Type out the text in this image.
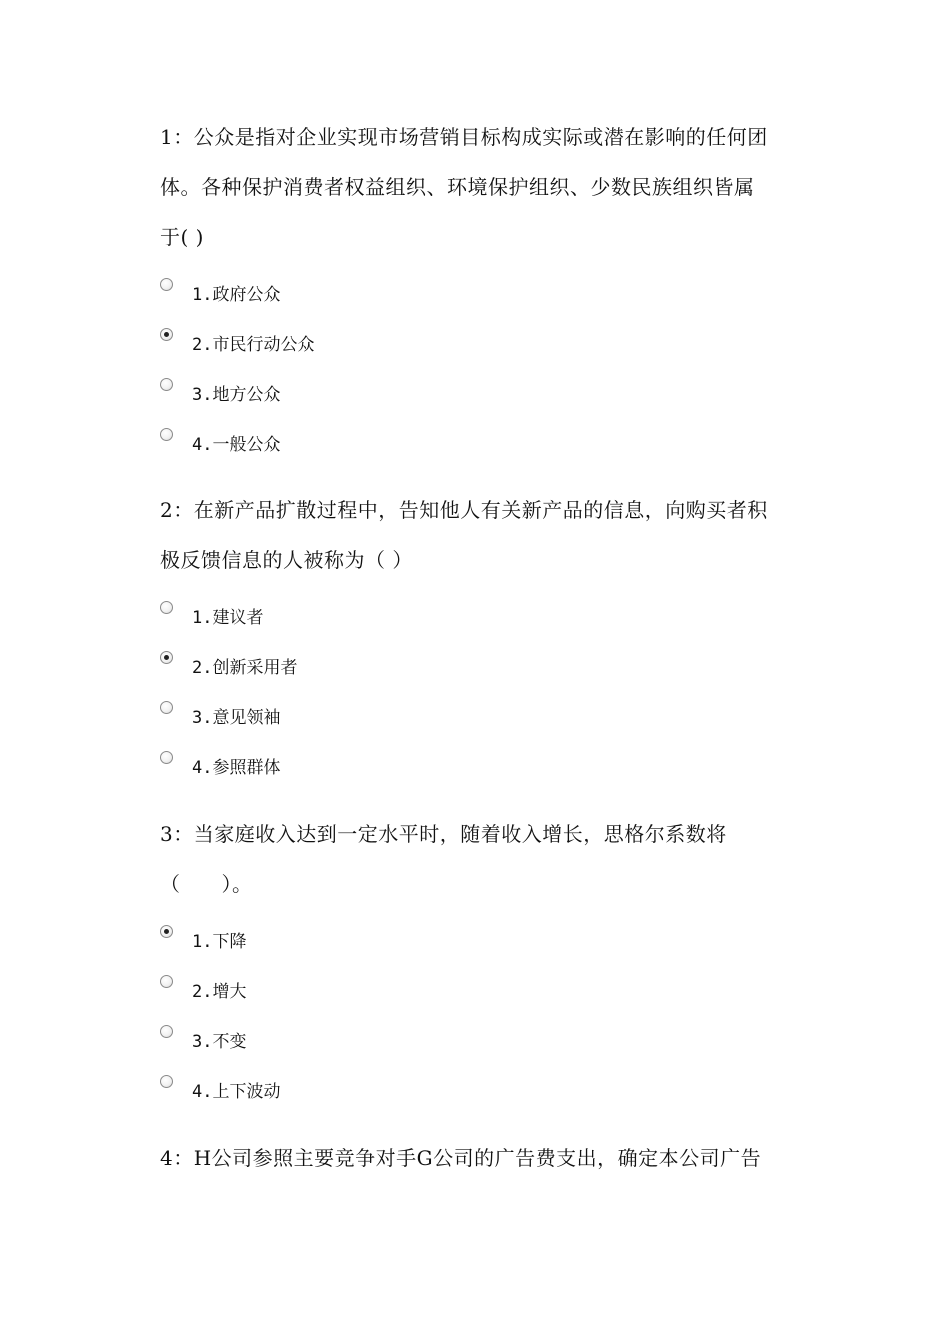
1：公众是指对企业实现市场营销目标构成实际或潜在影响的任何团
体。各种保护消费者权益组织、环境保护组织、少数民族组织皆属
于( )
1.政府公众
2.市民行动公众
3.地方公众
4.一般公众
2：在新产品扩散过程中，告知他人有关新产品的信息，向购买者积
极反馈信息的人被称为（ ）
1.建议者
2.创新采用者
3.意见领袖
4.参照群体
3：当家庭收入达到一定水平时，随着收入增长，思格尔系数将
（　　）。
1.下降
2.增大
3.不变
4.上下波动
4：H公司参照主要竞争对手G公司的广告费支出，确定本公司广告
